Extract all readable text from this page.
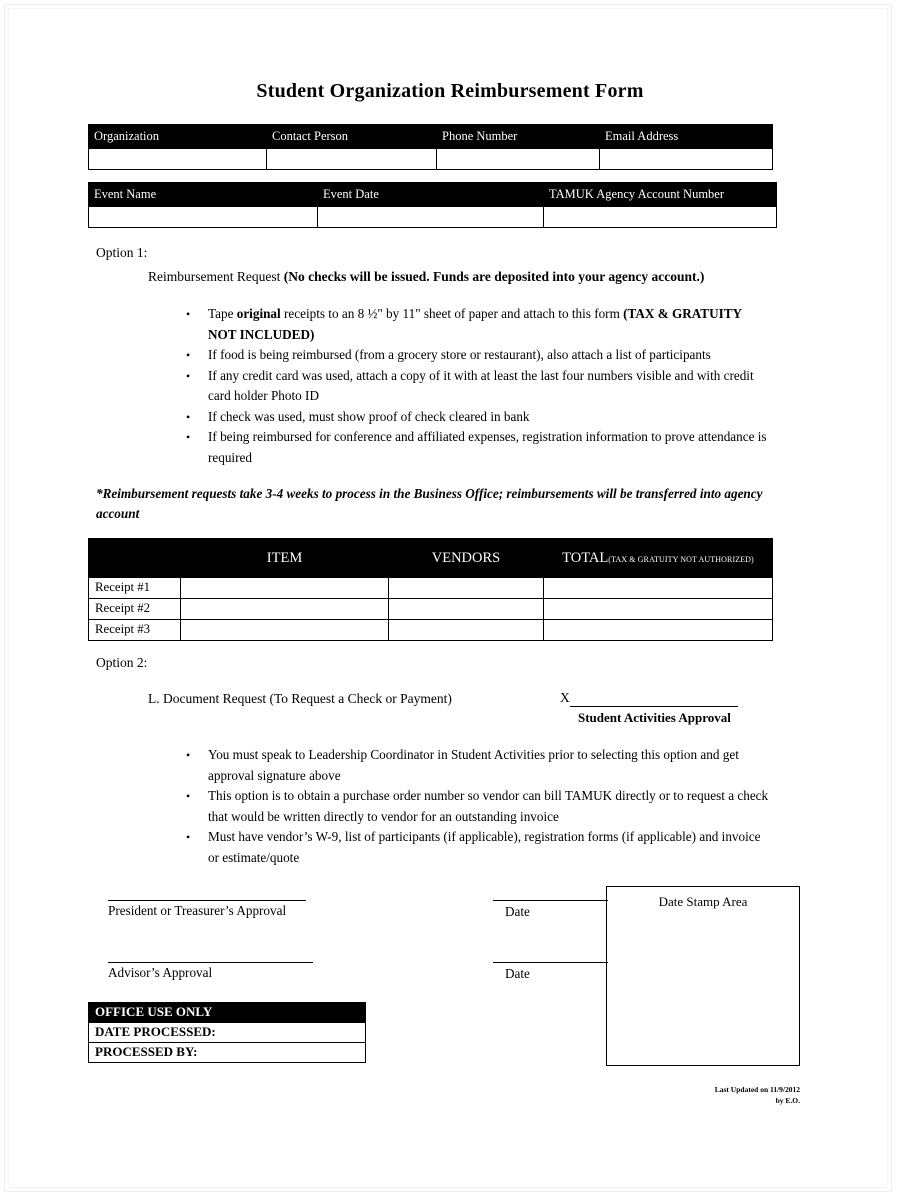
Student Organization Reimbursement Form
Organization	Contact Person	Phone Number	Email Address

Event Name	Event Date	TAMUK Agency Account Number

Option 1:
Reimbursement Request (No checks will be issued. Funds are deposited into your agency account.)
• Tape original receipts to an 8 ½" by 11" sheet of paper and attach to this form (TAX & GRATUITY NOT INCLUDED)
• If food is being reimbursed (from a grocery store or restaurant), also attach a list of participants
• If any credit card was used, attach a copy of it with at least the last four numbers visible and with credit card holder Photo ID
• If check was used, must show proof of check cleared in bank
• If being reimbursed for conference and affiliated expenses, registration information to prove attendance is required
*Reimbursement requests take 3-4 weeks to process in the Business Office; reimbursements will be transferred into agency account
	ITEM	VENDORS	TOTAL(TAX & GRATUITY NOT AUTHORIZED)
Receipt #1			
Receipt #2			
Receipt #3			
Option 2:
L. Document Request (To Request a Check or Payment)	X
Student Activities Approval
• You must speak to Leadership Coordinator in Student Activities prior to selecting this option and get approval signature above
• This option is to obtain a purchase order number so vendor can bill TAMUK directly or to request a check that would be written directly to vendor for an outstanding invoice
• Must have vendor’s W-9, list of participants (if applicable), registration forms (if applicable) and invoice or estimate/quote
President or Treasurer’s Approval
Advisor’s Approval
Date
Date
Date Stamp Area
OFFICE USE ONLY
DATE PROCESSED:
PROCESSED BY:
Last Updated on 11/9/2012
by E.O.
